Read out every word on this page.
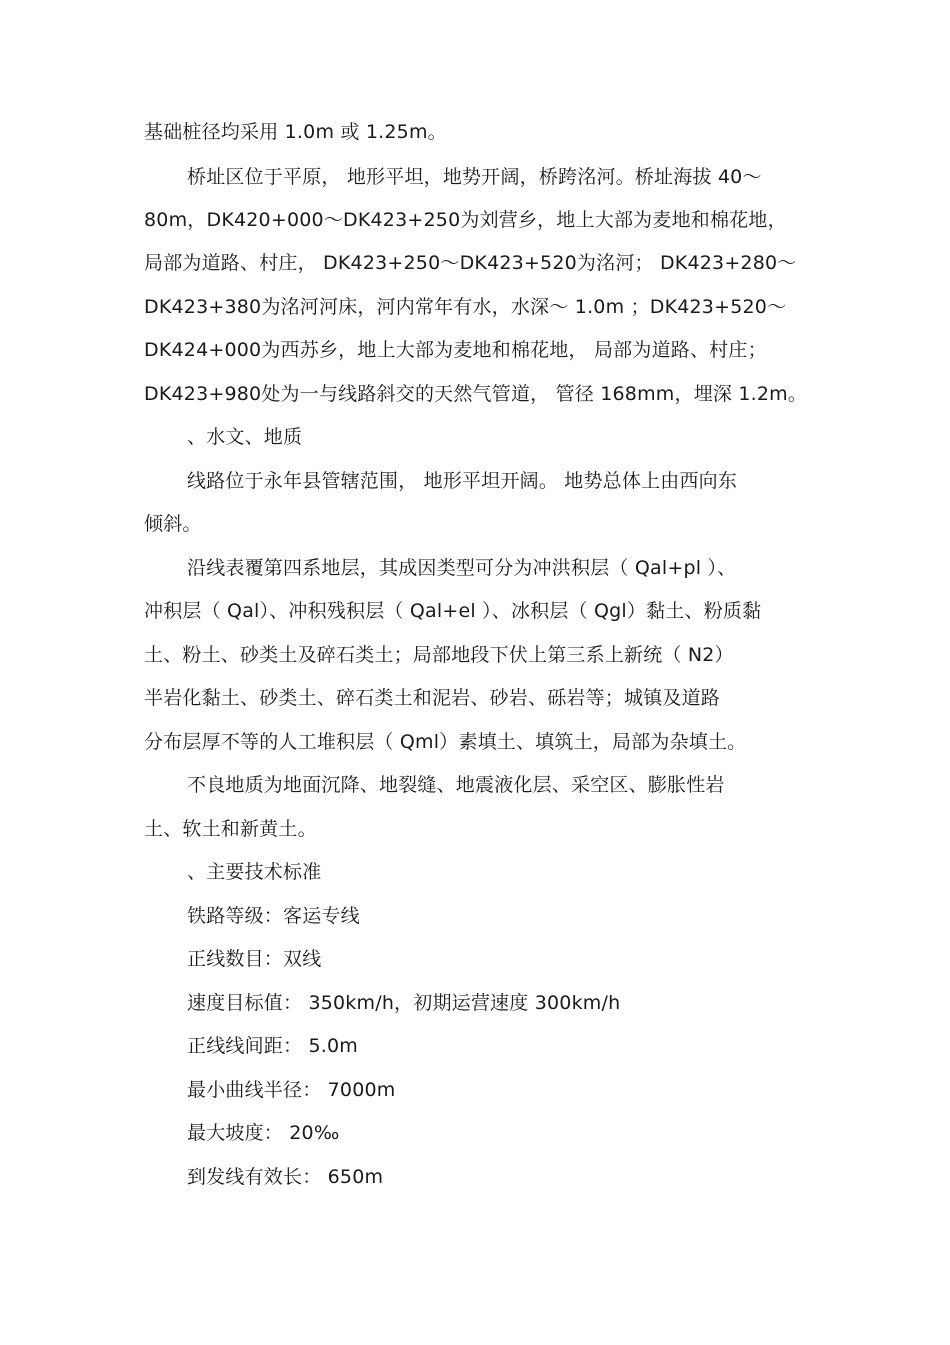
基础桩径均采用 1.0m 或 1.25m。
桥址区位于平原， 地形平坦，地势开阔，桥跨洺河。桥址海拔 40～
80m，DK420+000～DK423+250为刘营乡，地上大部为麦地和棉花地，
局部为道路、村庄， DK423+250～DK423+520为洺河； DK423+280～
DK423+380为洺河河床，河内常年有水，水深～ 1.0m ；DK423+520～
DK424+000为西苏乡，地上大部为麦地和棉花地， 局部为道路、村庄；
DK423+980处为一与线路斜交的天然气管道， 管径 168mm，埋深 1.2m。
、水文、地质
线路位于永年县管辖范围， 地形平坦开阔。 地势总体上由西向东
倾斜。
沿线表覆第四系地层，其成因类型可分为冲洪积层（ Qal+pl ）、
冲积层（ Qal）、冲积残积层（ Qal+el ）、冰积层（ Qgl）黏土、粉质黏
土、粉土、砂类土及碎石类土；局部地段下伏上第三系上新统（ N2）
半岩化黏土、砂类土、碎石类土和泥岩、砂岩、砾岩等；城镇及道路
分布层厚不等的人工堆积层（ Qml）素填土、填筑土，局部为杂填土。
不良地质为地面沉降、地裂缝、地震液化层、采空区、膨胀性岩
土、软土和新黄土。
、主要技术标准
铁路等级：客运专线
正线数目：双线
速度目标值： 350km/h，初期运营速度 300km/h
正线线间距： 5.0m
最小曲线半径： 7000m
最大坡度： 20‰
到发线有效长： 650m
